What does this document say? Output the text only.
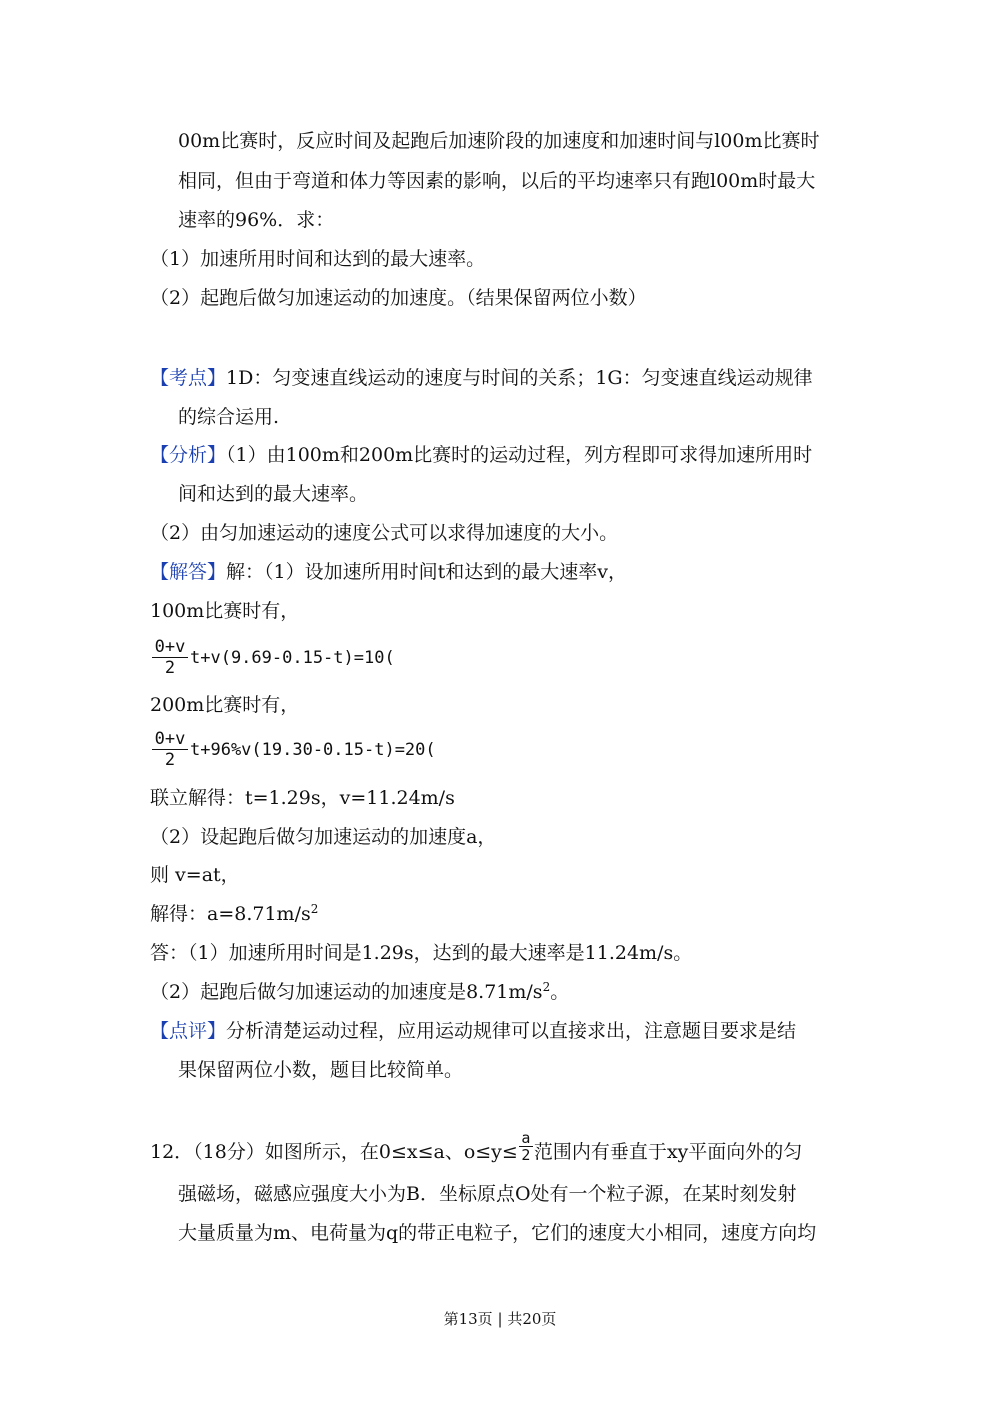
00m比赛时，反应时间及起跑后加速阶段的加速度和加速时间与l00m比赛时
相同，但由于弯道和体力等因素的影响，以后的平均速率只有跑l00m时最大
速率的96%．求：
（1）加速所用时间和达到的最大速率。
（2）起跑后做匀加速运动的加速度。（结果保留两位小数）
【考点】1D：匀变速直线运动的速度与时间的关系；1G：匀变速直线运动规律
的综合运用.
【分析】（1）由100m和200m比赛时的运动过程，列方程即可求得加速所用时
间和达到的最大速率。
（2）由匀加速运动的速度公式可以求得加速度的大小。
【解答】解：（1）设加速所用时间t和达到的最大速率v，
100m比赛时有，
$\frac{0+v}{2} t+v(9.69-0.15-t)=10$(
200m比赛时有，
$\frac{0+v}{2} t+96\%v(19.30-0.15-t)=20$(
联立解得：t=1.29s，v=11.24m/s
（2）设起跑后做匀加速运动的加速度a，
则 v=at，
解得：$a=8.71m/s^2$
答：（1）加速所用时间是1.29s，达到的最大速率是11.24m/s。
（2）起跑后做匀加速运动的加速度是$8.71m/s^2$。
【点评】分析清楚运动过程，应用运动规律可以直接求出，注意题目要求是结
果保留两位小数，题目比较简单。
12．（18分）如图所示，在0≤x≤a、$o\le y\le \frac{a}{2}$ 范围内有垂直于xy平面向外的匀
强磁场，磁感应强度大小为B．坐标原点O处有一个粒子源，在某时刻发射
大量质量为m、电荷量为q的带正电粒子，它们的速度大小相同，速度方向均
第13页 | 共20页
